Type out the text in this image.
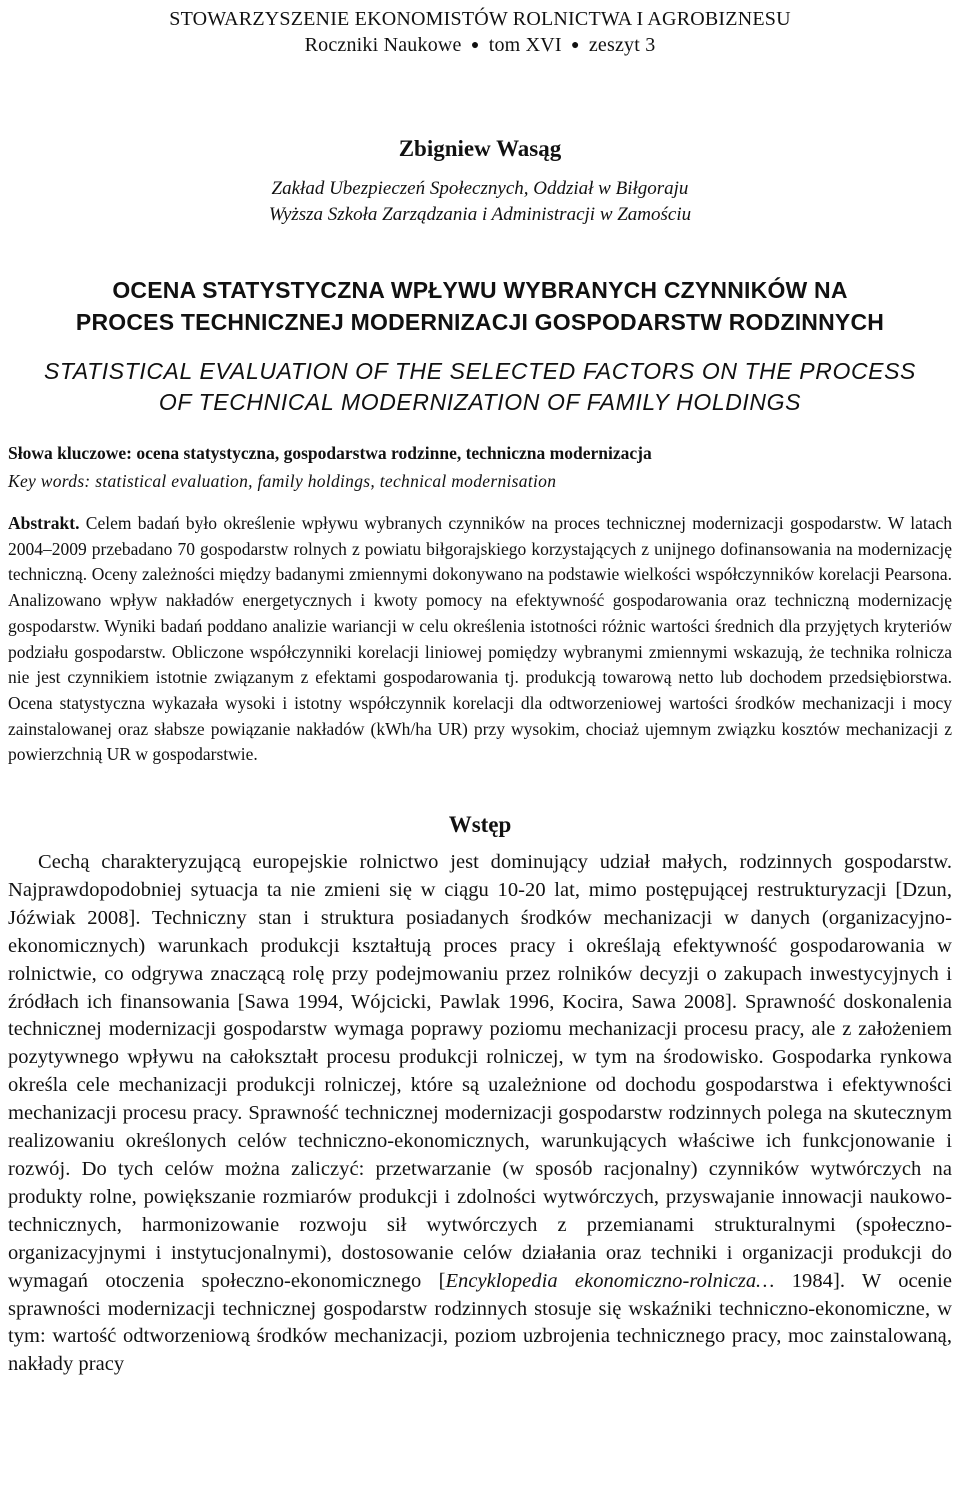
STOWARZYSZENIE EKONOMISTÓW ROLNICTWA I AGROBIZNESU
Roczniki Naukowe ● tom XVI ● zeszyt 3
Zbigniew Wasąg
Zakład Ubezpieczeń Społecznych, Oddział w Biłgoraju
Wyższa Szkoła Zarządzania i Administracji w Zamościu
OCENA STATYSTYCZNA WPŁYWU WYBRANYCH CZYNNIKÓW NA
PROCES TECHNICZNEJ MODERNIZACJI GOSPODARSTW RODZINNYCH
STATISTICAL EVALUATION OF THE SELECTED FACTORS ON THE PROCESS
OF TECHNICAL MODERNIZATION OF FAMILY HOLDINGS
Słowa kluczowe: ocena statystyczna, gospodarstwa rodzinne, techniczna modernizacja
Key words: statistical evaluation, family holdings, technical modernisation
Abstrakt. Celem badań było określenie wpływu wybranych czynników na proces technicznej modernizacji gospodarstw. W latach 2004–2009 przebadano 70 gospodarstw rolnych z powiatu biłgorajskiego korzystających z unijnego dofinansowania na modernizację techniczną. Oceny zależności między badanymi zmiennymi dokonywano na podstawie wielkości współczynników korelacji Pearsona. Analizowano wpływ nakładów energetycznych i kwoty pomocy na efektywność gospodarowania oraz techniczną modernizację gospodarstw. Wyniki badań poddano analizie wariancji w celu określenia istotności różnic wartości średnich dla przyjętych kryteriów podziału gospodarstw. Obliczone współczynniki korelacji liniowej pomiędzy wybranymi zmiennymi wskazują, że technika rolnicza nie jest czynnikiem istotnie związanym z efektami gospodarowania tj. produkcją towarową netto lub dochodem przedsiębiorstwa. Ocena statystyczna wykazała wysoki i istotny współczynnik korelacji dla odtworzeniowej wartości środków mechanizacji i mocy zainstalowanej oraz słabsze powiązanie nakładów (kWh/ha UR) przy wysokim, chociaż ujemnym związku kosztów mechanizacji z powierzchnią UR w gospodarstwie.
Wstęp
Cechą charakteryzującą europejskie rolnictwo jest dominujący udział małych, rodzinnych gospodarstw. Najprawdopodobniej sytuacja ta nie zmieni się w ciągu 10-20 lat, mimo postępującej restrukturyzacji [Dzun, Jóźwiak 2008]. Techniczny stan i struktura posiadanych środków mechanizacji w danych (organizacyjno-ekonomicznych) warunkach produkcji kształtują proces pracy i określają efektywność gospodarowania w rolnictwie, co odgrywa znaczącą rolę przy podejmowaniu przez rolników decyzji o zakupach inwestycyjnych i źródłach ich finansowania [Sawa 1994, Wójcicki, Pawlak 1996, Kocira, Sawa 2008]. Sprawność doskonalenia technicznej modernizacji gospodarstw wymaga poprawy poziomu mechanizacji procesu pracy, ale z założeniem pozytywnego wpływu na całokształt procesu produkcji rolniczej, w tym na środowisko. Gospodarka rynkowa określa cele mechanizacji produkcji rolniczej, które są uzależnione od dochodu gospodarstwa i efektywności mechanizacji procesu pracy. Sprawność technicznej modernizacji gospodarstw rodzinnych polega na skutecznym realizowaniu określonych celów techniczno-ekonomicznych, warunkujących właściwe ich funkcjonowanie i rozwój. Do tych celów można zaliczyć: przetwarzanie (w sposób racjonalny) czynników wytwórczych na produkty rolne, powiększanie rozmiarów produkcji i zdolności wytwórczych, przyswajanie innowacji naukowo-technicznych, harmonizowanie rozwoju sił wytwórczych z przemianami strukturalnymi (społeczno-organizacyjnymi i instytucjonalnymi), dostosowanie celów działania oraz techniki i organizacji produkcji do wymagań otoczenia społeczno-ekonomicznego [Encyklopedia ekonomiczno-rolnicza… 1984]. W ocenie sprawności modernizacji technicznej gospodarstw rodzinnych stosuje się wskaźniki techniczno-ekonomiczne, w tym: wartość odtworzeniową środków mechanizacji, poziom uzbrojenia technicznego pracy, moc zainstalowaną, nakłady pracy
